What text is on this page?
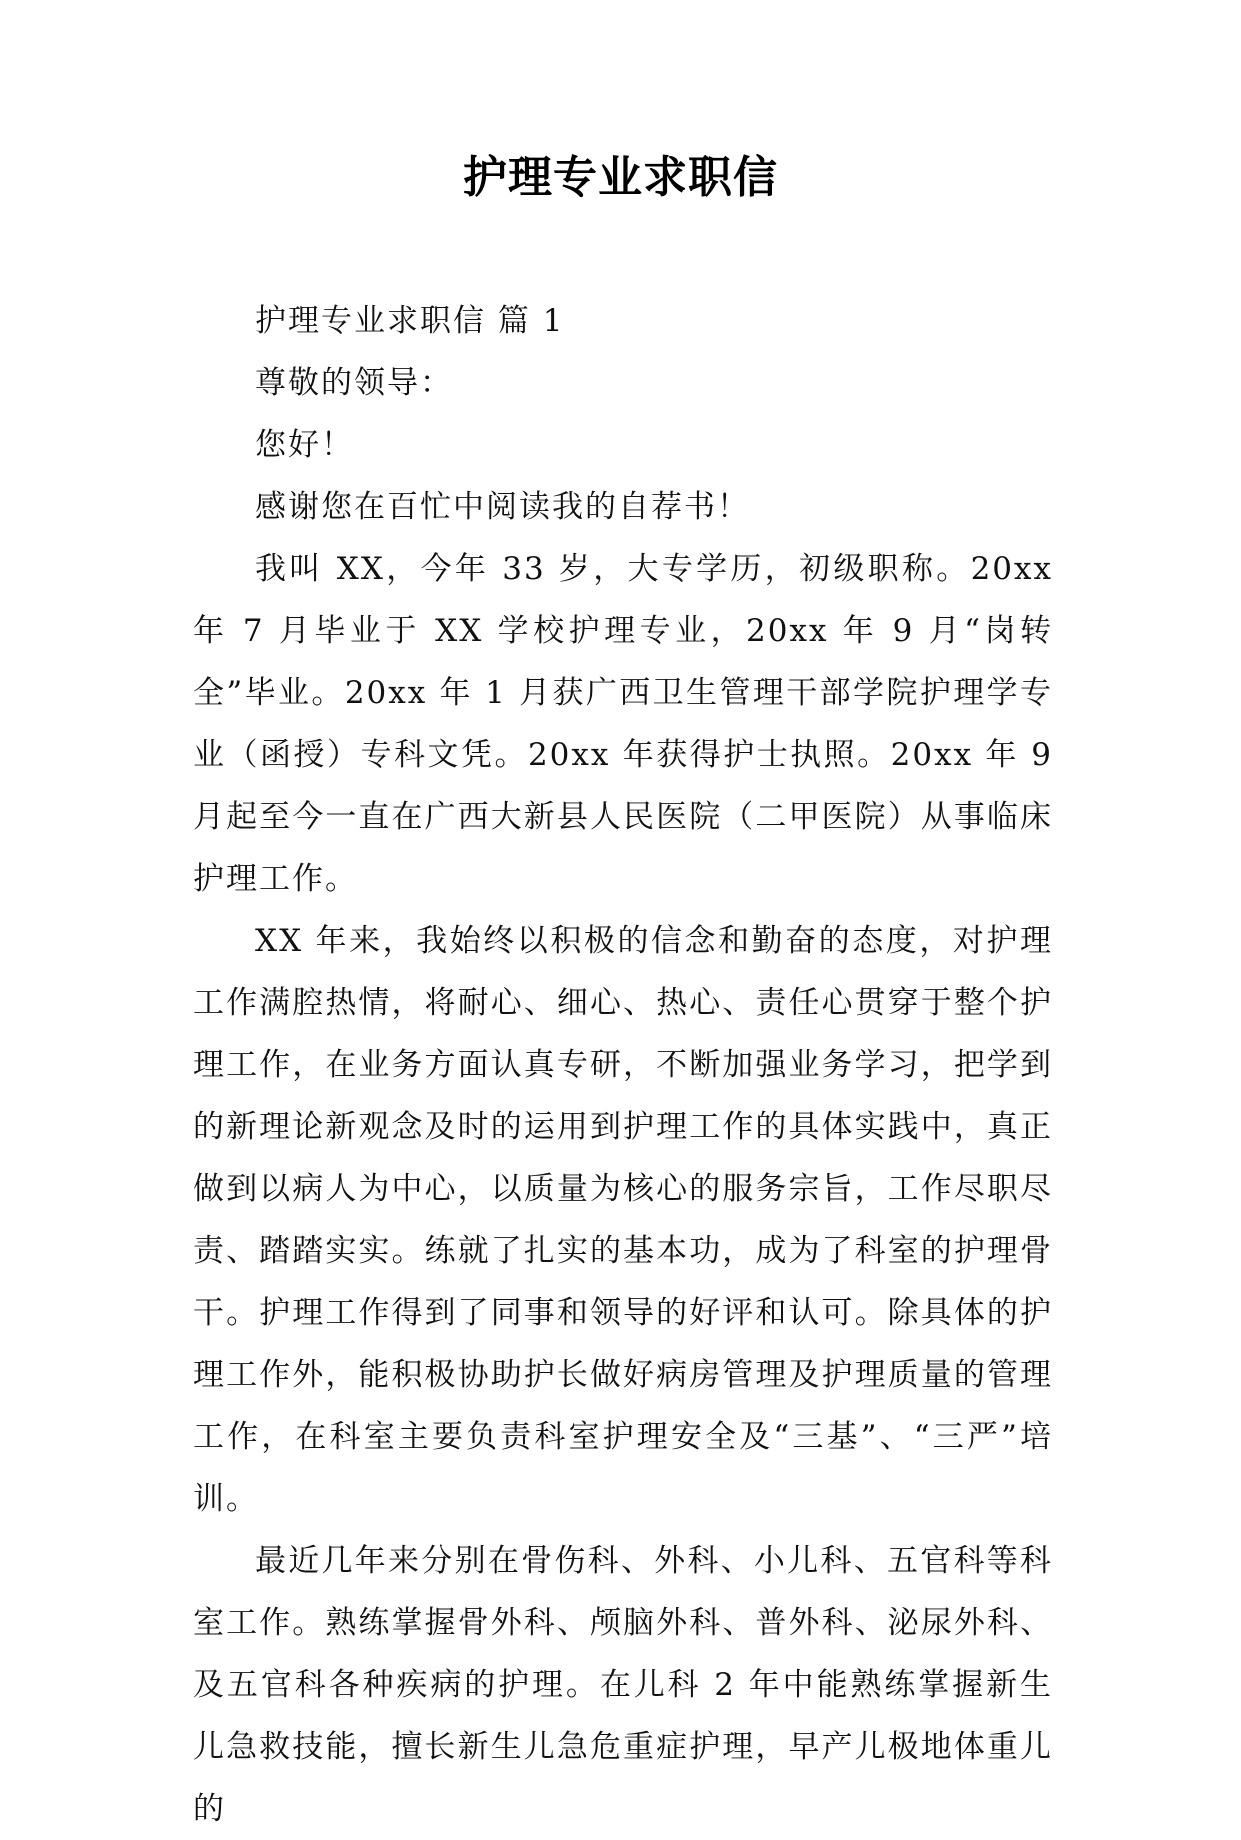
护理专业求职信

护理专业求职信 篇 1

尊敬的领导：

您好！

感谢您在百忙中阅读我的自荐书！

我叫 XX，今年 33 岁，大专学历，初级职称。20xx 年 7 月毕业于 XX 学校护理专业，20xx 年 9 月“岗转全”毕业。20xx 年 1 月获广西卫生管理干部学院护理学专业（函授）专科文凭。20xx 年获得护士执照。20xx 年 9 月起至今一直在广西大新县人民医院（二甲医院）从事临床护理工作。

XX 年来，我始终以积极的信念和勤奋的态度，对护理工作满腔热情，将耐心、细心、热心、责任心贯穿于整个护理工作，在业务方面认真专研，不断加强业务学习，把学到的新理论新观念及时的运用到护理工作的具体实践中，真正做到以病人为中心，以质量为核心的服务宗旨，工作尽职尽责、踏踏实实。练就了扎实的基本功，成为了科室的护理骨干。护理工作得到了同事和领导的好评和认可。除具体的护理工作外，能积极协助护长做好病房管理及护理质量的管理工作，在科室主要负责科室护理安全及“三基”、“三严”培训。

最近几年来分别在骨伤科、外科、小儿科、五官科等科室工作。熟练掌握骨外科、颅脑外科、普外科、泌尿外科、及五官科各种疾病的护理。在儿科 2 年中能熟练掌握新生儿急救技能，擅长新生儿急危重症护理，早产儿极地体重儿的
